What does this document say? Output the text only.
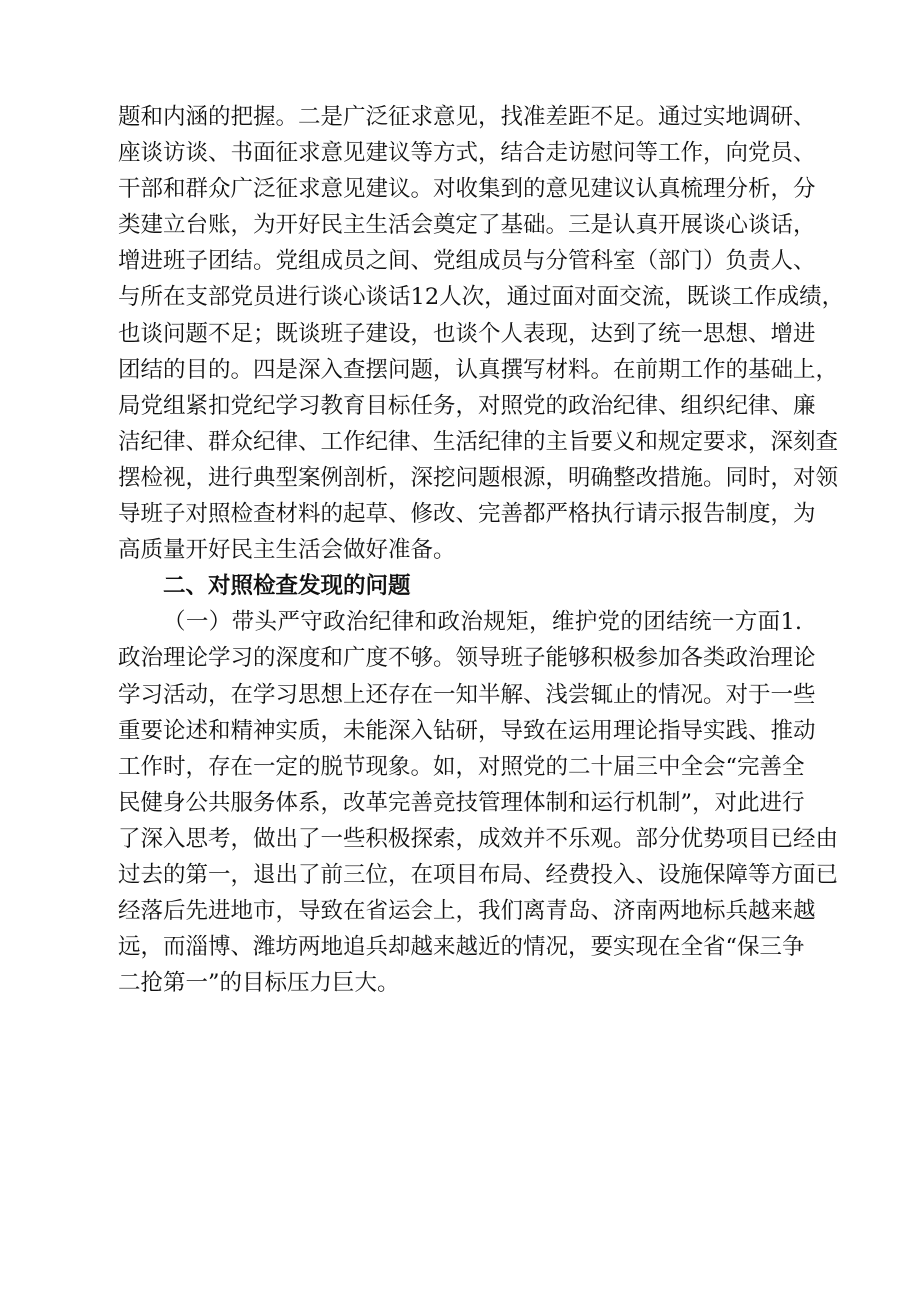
题和内涵的把握。二是广泛征求意见，找准差距不足。通过实地调研、
座谈访谈、书面征求意见建议等方式，结合走访慰问等工作，向党员、
干部和群众广泛征求意见建议。对收集到的意见建议认真梳理分析，分
类建立台账，为开好民主生活会奠定了基础。三是认真开展谈心谈话，
增进班子团结。党组成员之间、党组成员与分管科室（部门）负责人、
与所在支部党员进行谈心谈话12人次，通过面对面交流，既谈工作成绩，
也谈问题不足；既谈班子建设，也谈个人表现，达到了统一思想、增进
团结的目的。四是深入查摆问题，认真撰写材料。在前期工作的基础上，
局党组紧扣党纪学习教育目标任务，对照党的政治纪律、组织纪律、廉
洁纪律、群众纪律、工作纪律、生活纪律的主旨要义和规定要求，深刻查
摆检视，进行典型案例剖析，深挖问题根源，明确整改措施。同时，对领
导班子对照检查材料的起草、修改、完善都严格执行请示报告制度，为
高质量开好民主生活会做好准备。
二、对照检查发现的问题
（一）带头严守政治纪律和政治规矩，维护党的团结统一方面1.
政治理论学习的深度和广度不够。领导班子能够积极参加各类政治理论
学习活动，在学习思想上还存在一知半解、浅尝辄止的情况。对于一些
重要论述和精神实质，未能深入钻研，导致在运用理论指导实践、推动
工作时，存在一定的脱节现象。如，对照党的二十届三中全会“完善全
民健身公共服务体系，改革完善竞技管理体制和运行机制”，对此进行
了深入思考，做出了一些积极探索，成效并不乐观。部分优势项目已经由
过去的第一，退出了前三位，在项目布局、经费投入、设施保障等方面已
经落后先进地市，导致在省运会上，我们离青岛、济南两地标兵越来越
远，而淄博、潍坊两地追兵却越来越近的情况，要实现在全省“保三争
二抢第一”的目标压力巨大。
